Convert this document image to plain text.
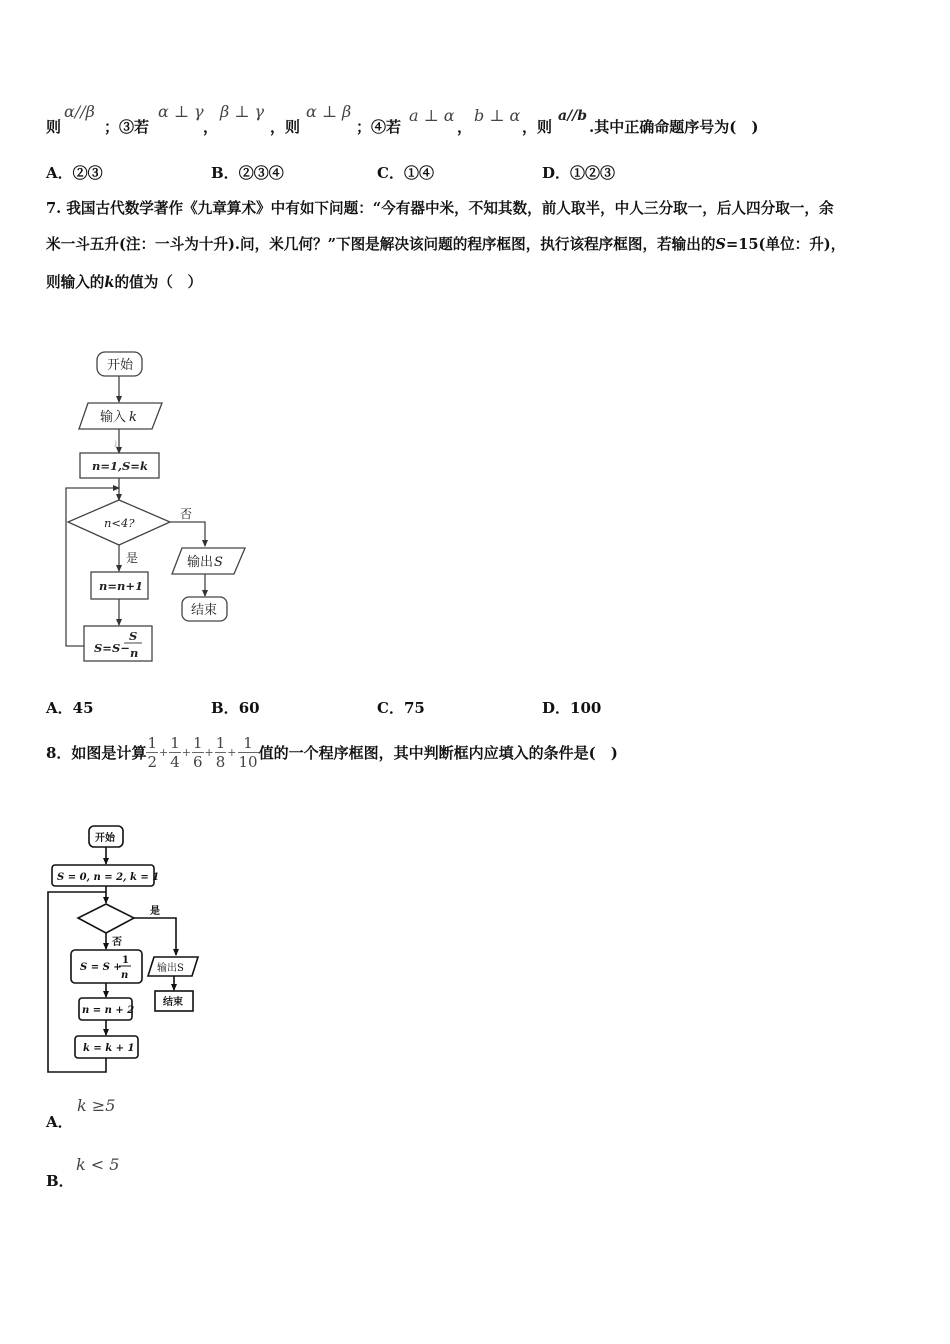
则
α//β
；③若
α ⊥ γ
，
β ⊥ γ
，则
α ⊥ β
；④若
a ⊥ α
，
b ⊥ α
，则
a//b
.其中正确命题序号为(　)
A．②③	B．②③④	C．①④	D．①②③
7. 我国古代数学著作《九章算术》中有如下问题：“今有器中米，不知其数，前人取半，中人三分取一，后人四分取一，余
米一斗五升(注：一斗为十升).问，米几何？”下图是解决该问题的程序框图，执行该程序框图，若输出的S=15(单位：升)，
则输入的k的值为（　）
开始
输入 k
↓
n=1,S=k
n<4?
否
是	输出 S
结束
n=n+1
S=S−
S
n
A．45	B．60	C．75	D．100
8．如图是计算 $\frac{1}{2} + \frac{1}{4} + \frac{1}{6} + \frac{1}{8} + \frac{1}{10}$ 值的一个程序框图，其中判断框内应填入的条件是(　)
开始
S = 0, n = 2, k = 1
是
否
S = S +
1
n
输出S
结束
n = n + 2
k = k + 1
A．
k ≥5
B．
k < 5
